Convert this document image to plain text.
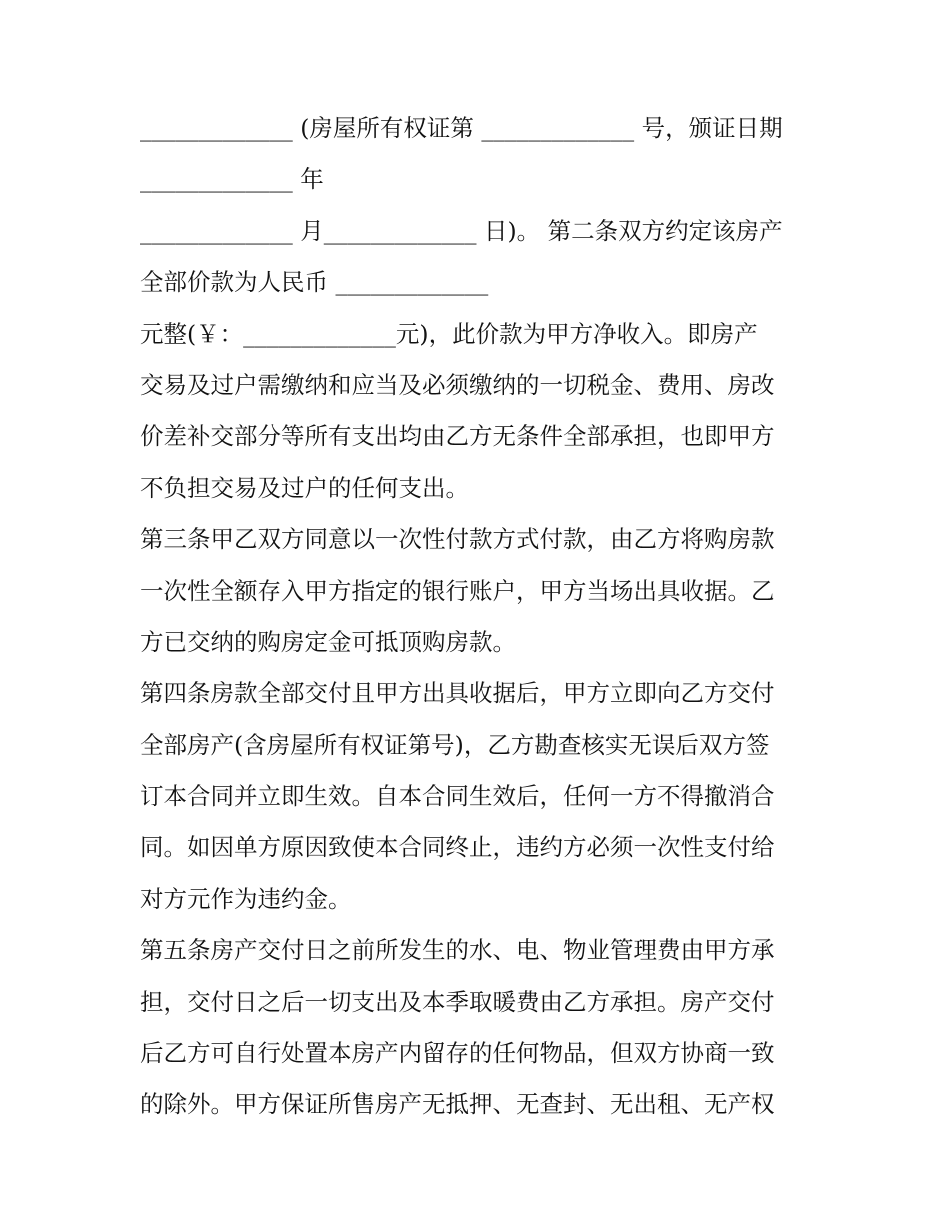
_____________ (房屋所有权证第 _____________ 号，颁证日期
_____________ 年
_____________ 月_____________ 日)。 第二条双方约定该房产
全部价款为人民币 _____________
元整(￥：_____________元)，此价款为甲方净收入。即房产
交易及过户需缴纳和应当及必须缴纳的一切税金、费用、房改
价差补交部分等所有支出均由乙方无条件全部承担，也即甲方
不负担交易及过户的任何支出。
第三条甲乙双方同意以一次性付款方式付款，由乙方将购房款
一次性全额存入甲方指定的银行账户，甲方当场出具收据。乙
方已交纳的购房定金可抵顶购房款。
第四条房款全部交付且甲方出具收据后，甲方立即向乙方交付
全部房产(含房屋所有权证第号)，乙方勘查核实无误后双方签
订本合同并立即生效。自本合同生效后，任何一方不得撤消合
同。如因单方原因致使本合同终止，违约方必须一次性支付给
对方元作为违约金。
第五条房产交付日之前所发生的水、电、物业管理费由甲方承
担，交付日之后一切支出及本季取暖费由乙方承担。房产交付
后乙方可自行处置本房产内留存的任何物品，但双方协商一致
的除外。甲方保证所售房产无抵押、无查封、无出租、无产权
